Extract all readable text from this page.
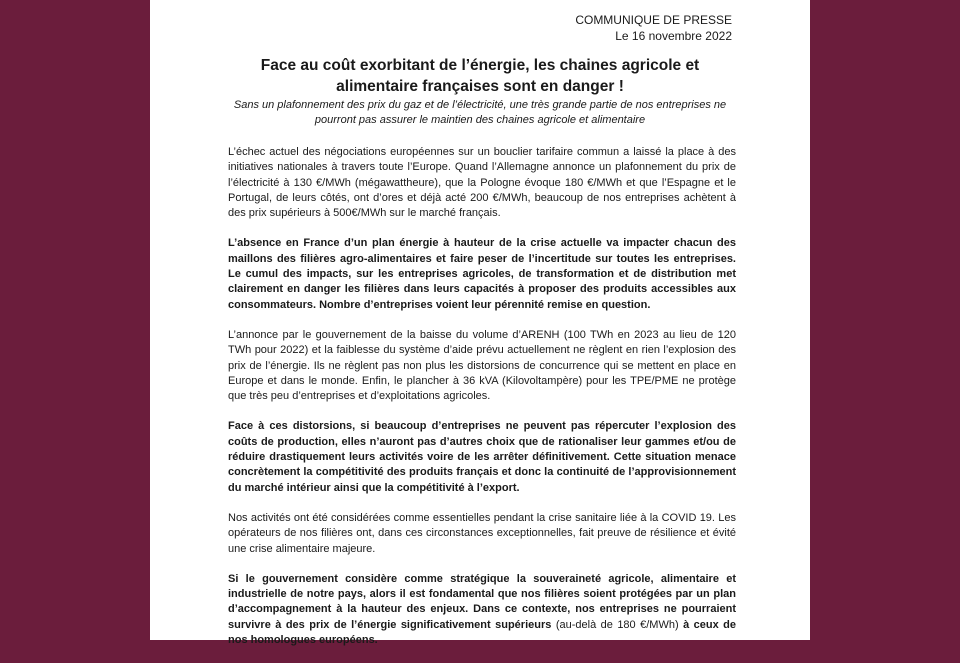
COMMUNIQUE DE PRESSE
Le 16 novembre 2022
Face au coût exorbitant de l’énergie, les chaines agricole et
alimentaire françaises sont en danger !
Sans un plafonnement des prix du gaz et de l’électricité, une très grande partie de nos entreprises ne
pourront pas assurer le maintien des chaines agricole et alimentaire

L’échec actuel des négociations européennes sur un bouclier tarifaire commun a laissé la place à des initiatives nationales à travers toute l’Europe. Quand l’Allemagne annonce un plafonnement du prix de l’électricité à 130 €/MWh (mégawattheure), que la Pologne évoque 180 €/MWh et que l’Espagne et le Portugal, de leurs côtés, ont d’ores et déjà acté 200 €/MWh, beaucoup de nos entreprises achètent à des prix supérieurs à 500€/MWh sur le marché français.

L’absence en France d’un plan énergie à hauteur de la crise actuelle va impacter chacun des maillons des filières agro-alimentaires et faire peser de l’incertitude sur toutes les entreprises. Le cumul des impacts, sur les entreprises agricoles, de transformation et de distribution met clairement en danger les filières dans leurs capacités à proposer des produits accessibles aux consommateurs. Nombre d’entreprises voient leur pérennité remise en question.

L’annonce par le gouvernement de la baisse du volume d’ARENH (100 TWh en 2023 au lieu de 120 TWh pour 2022) et la faiblesse du système d’aide prévu actuellement ne règlent en rien l’explosion des prix de l’énergie. Ils ne règlent pas non plus les distorsions de concurrence qui se mettent en place en Europe et dans le monde. Enfin, le plancher à 36 kVA (Kilovoltampère) pour les TPE/PME ne protège que très peu d’entreprises et d’exploitations agricoles.

Face à ces distorsions, si beaucoup d’entreprises ne peuvent pas répercuter l’explosion des coûts de production, elles n’auront pas d’autres choix que de rationaliser leur gammes et/ou de réduire drastiquement leurs activités voire de les arrêter définitivement. Cette situation menace concrètement la compétitivité des produits français et donc la continuité de l’approvisionnement du marché intérieur ainsi que la compétitivité à l’export.

Nos activités ont été considérées comme essentielles pendant la crise sanitaire liée à la COVID 19. Les opérateurs de nos filières ont, dans ces circonstances exceptionnelles, fait preuve de résilience et évité une crise alimentaire majeure.

Si le gouvernement considère comme stratégique la souveraineté agricole, alimentaire et industrielle de notre pays, alors il est fondamental que nos filières soient protégées par un plan d’accompagnement à la hauteur des enjeux. Dans ce contexte, nos entreprises ne pourraient survivre à des prix de l’énergie significativement supérieurs (au-delà de 180 €/MWh) à ceux de nos homologues européens.
